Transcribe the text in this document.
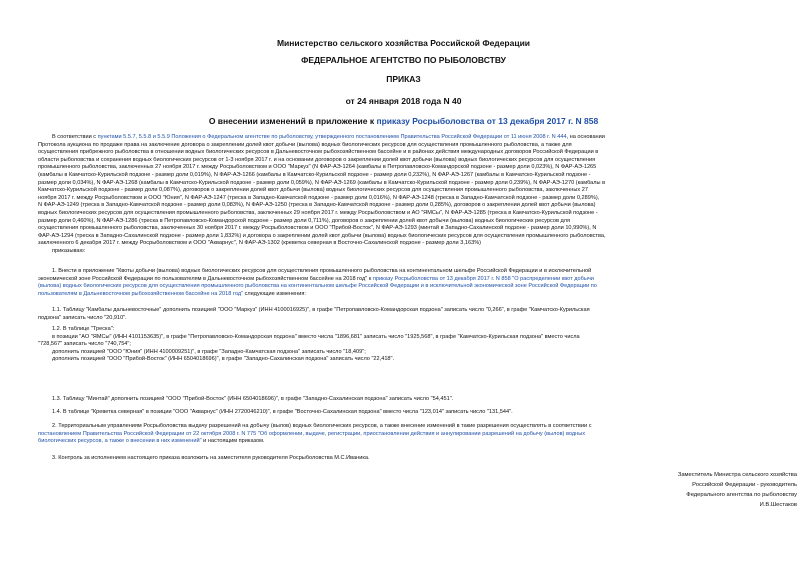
Министерство сельского хозяйства Российской Федерации
ФЕДЕРАЛЬНОЕ АГЕНТСТВО ПО РЫБОЛОВСТВУ
ПРИКАЗ
от 24 января 2018 года N 40
О внесении изменений в приложение к приказу Росрыболовства от 13 декабря 2017 г. N 858
В соответствии с пунктами 5.5.7, 5.5.8 и 5.5.9 Положения о Федеральном агентстве по рыболовству, утвержденного постановлением Правительства Российской Федерации от 11 июня 2008 г. N 444, на основании
Протокола аукциона по продаже права на заключение договора о закреплении долей квот добычи (вылова) водных биологических ресурсов для осуществления промышленного рыболовства, а также для
осуществления прибрежного рыболовства в отношении водных биологических ресурсов в Дальневосточном рыбохозяйственном бассейне и в районах действия международных договоров Российской Федерации в
области рыболовства и сохранения водных биологических ресурсов от 1-3 ноября 2017 г. и на основании договоров о закреплении долей квот добычи (вылова) водных биологических ресурсов для осуществления
промышленного рыболовства, заключенных 27 ноября 2017 г. между Росрыболовством и ООО "Маркуз" (N ФАР-АЭ-1264 (камбалы в Петропавловско-Командорской подзоне - размер доли 0,023%), N ФАР-АЭ-1265
(камбалы в Камчатско-Курильской подзоне - размер доли 0,019%), N ФАР-АЭ-1266 (камбалы в Камчатско-Курильской подзоне - размер доли 0,232%), N ФАР-АЭ-1267 (камбалы в Камчатско-Курильской подзоне -
размер доли 0,034%), N ФАР-АЭ-1268 (камбалы в Камчатско-Курильской подзоне - размер доли 0,059%), N ФАР-АЭ-1269 (камбалы в Камчатско-Курильской подзоне - размер доли 0,239%), N ФАР-АЭ-1270 (камбалы в
Камчатско-Курильской подзоне - размер доли 0,087%), договоров о закреплении долей квот добычи (вылова) водных биологических ресурсов для осуществления промышленного рыболовства, заключенных 27
ноября 2017 г. между Росрыболовством и ООО "Юния", N ФАР-АЭ-1247 (треска в Западно-Камчатской подзоне - размер доли 0,016%), N ФАР-АЭ-1248 (треска в Западно-Камчатской подзоне - размер доли 0,289%),
N ФАР-АЭ-1249 (треска в Западно-Камчатской подзоне - размер доли 0,083%), N ФАР-АЭ-1250 (треска в Западно-Камчатской подзоне - размер доли 0,285%), договоров о закреплении долей квот добычи (вылова)
водных биологических ресурсов для осуществления промышленного рыболовства, заключенных 29 ноября 2017 г. между Росрыболовством и АО "ЯМСы", N ФАР-АЭ-1285 (треска в Камчатско-Курильской подзоне -
размер доли 0,460%), N ФАР-АЭ-1286 (треска в Петропавловско-Командорской подзоне - размер доли 0,711%), договоров о закреплении долей квот добычи (вылова) водных биологических ресурсов для
осуществления промышленного рыболовства, заключенных 30 ноября 2017 г. между Росрыболовством и ООО "Прибой-Восток", N ФАР-АЭ-1293 (минтай в Западно-Сахалинской подзоне - размер доли 10,990%), N
ФАР-АЭ-1294 (треска в Западно-Сахалинской подзоне - размер доли 1,832%) и договора о закреплении долей квот добычи (вылова) водных биологических ресурсов для осуществления промышленного рыболовства,
заключенного 6 декабря 2017 г. между Росрыболовством и ООО "Акварнус", N ФАР-АЭ-1302 (креветка северная в Восточно-Сахалинской подзоне - размер доли 3,163%)
приказываю:
1. Внести в приложение "Квоты добычи (вылова) водных биологических ресурсов для осуществления промышленного рыболовства на континентальном шельфе Российской Федерации и в исключительной
экономической зоне Российской Федерации по пользователям в Дальневосточном рыбохозяйственном бассейне на 2018 год" к приказу Росрыболовства от 13 декабря 2017 г. N 858 "О распределении квот добычи
(вылова) водных биологических ресурсов для осуществления промышленного рыболовства на континентальном шельфе Российской Федерации и в исключительной экономической зоне Российской Федерации по
пользователям в Дальневосточном рыбохозяйственном бассейне на 2018 год" следующие изменения:
1.1. Таблицу "Камбалы дальневосточные" дополнить позицией "ООО "Маркуз" (ИНН 4100016925)", в графе "Петропавловско-Командорская подзона" записать число "0,266", в графе "Камчатско-Курильская
подзона" записать число "20,910".
1.2. В таблице "Треска":
в позиции "АО "ЯМСы" (ИНН 4101153635)", в графе "Петропавловско-Командорская подзона" вместо числа "1896,681" записать число "1925,568", в графе "Камчатско-Курильская подзона" вместо числа
"728,567" записать число "740,754";
дополнить позицией "ООО "Юния" (ИНН 4100009251)", в графе "Западно-Камчатская подзона" записать число "18,409";
дополнить позицией "ООО "Прибой-Восток" (ИНН 6504018696)", в графе "Западно-Сахалинская подзона" записать число "22,418".
1.3. Таблицу "Минтай" дополнить позицией "ООО "Прибой-Восток" (ИНН 6504018696)", в графе "Западно-Сахалинская подзона" записать число "54,451".
1.4. В таблице "Креветка северная" в позиции "ООО "Акварнус" (ИНН 2720046210)", в графе "Восточно-Сахалинская подзона" вместо числа "123,014" записать число "131,544".
2. Территориальным управлениям Росрыболовства выдачу разрешений на добычу (вылов) водных биологических ресурсов, а также внесение изменений в такие разрешения осуществлять в соответствии с
постановлением Правительства Российской Федерации от 22 октября 2008 г. N 775 "Об оформлении, выдаче, регистрации, приостановлении действия и аннулировании разрешений на добычу (вылов) водных
биологических ресурсов, а также о внесении в них изменений" и настоящим приказом.
3. Контроль за исполнением настоящего приказа возложить на заместителя руководителя Росрыболовства М.С.Иваника.
Заместитель Министра сельского хозяйства
Российской Федерации - руководитель
Федерального агентства по рыболовству
И.В.Шестаков
